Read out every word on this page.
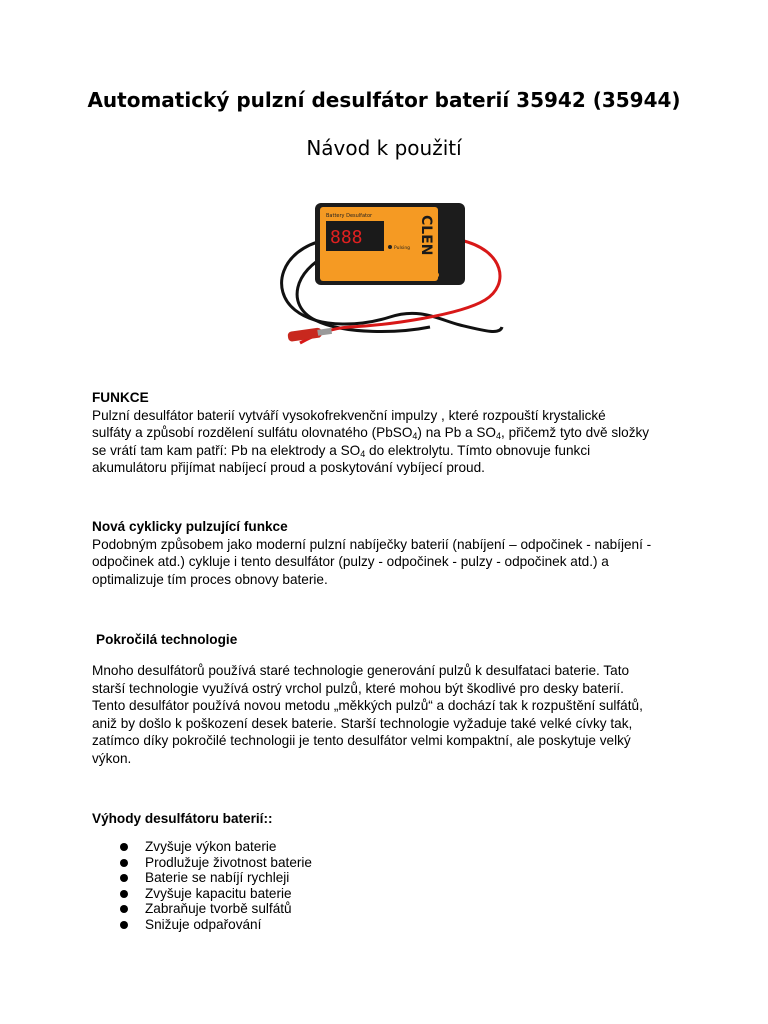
Automatický pulzní desulfátor baterií 35942 (35944)
Návod k použití
Battery Desulfator
888
Pulsing CLEN
FUNKCE

Pulzní desulfátor baterií vytváří vysokofrekvenční impulzy , které rozpouští krystalické

sulfáty a způsobí rozdělení sulfátu olovnatého (PbSO$_4$) na Pb a $SO_4$, přičemž tyto dvě složky

se vrátí tam kam patří: Pb na elektrody a $SO_4$ do elektrolytu. Tímto obnovuje funkci

akumulátoru přijímat nabíjecí proud a poskytování vybíjecí proud.

Nová cyklicky pulzující funkce

Podobným způsobem jako moderní pulzní nabíječky baterií (nabíjení – odpočinek - nabíjení -

odpočinek atd.) cykluje i tento desulfátor (pulzy - odpočinek - pulzy - odpočinek atd.) a

optimalizuje tím proces obnovy baterie.

Pokročilá technologie

Mnoho desulfátorů používá staré technologie generování pulzů k desulfataci baterie. Tato

starší technologie využívá ostrý vrchol pulzů, které mohou být škodlivé pro desky baterií.

Tento desulfátor používá novou metodu „měkkých pulzů“ a dochází tak k rozpuštění sulfátů,

aniž by došlo k poškození desek baterie. Starší technologie vyžaduje také velké cívky tak,

zatímco díky pokročilé technologii je tento desulfátor velmi kompaktní, ale poskytuje velký

výkon.

Výhody desulfátoru baterií::
Zvyšuje výkon baterie
Prodlužuje životnost baterie
Baterie se nabíjí rychleji
Zvyšuje kapacitu baterie
Zabraňuje tvorbě sulfátů
Snižuje odpařování
